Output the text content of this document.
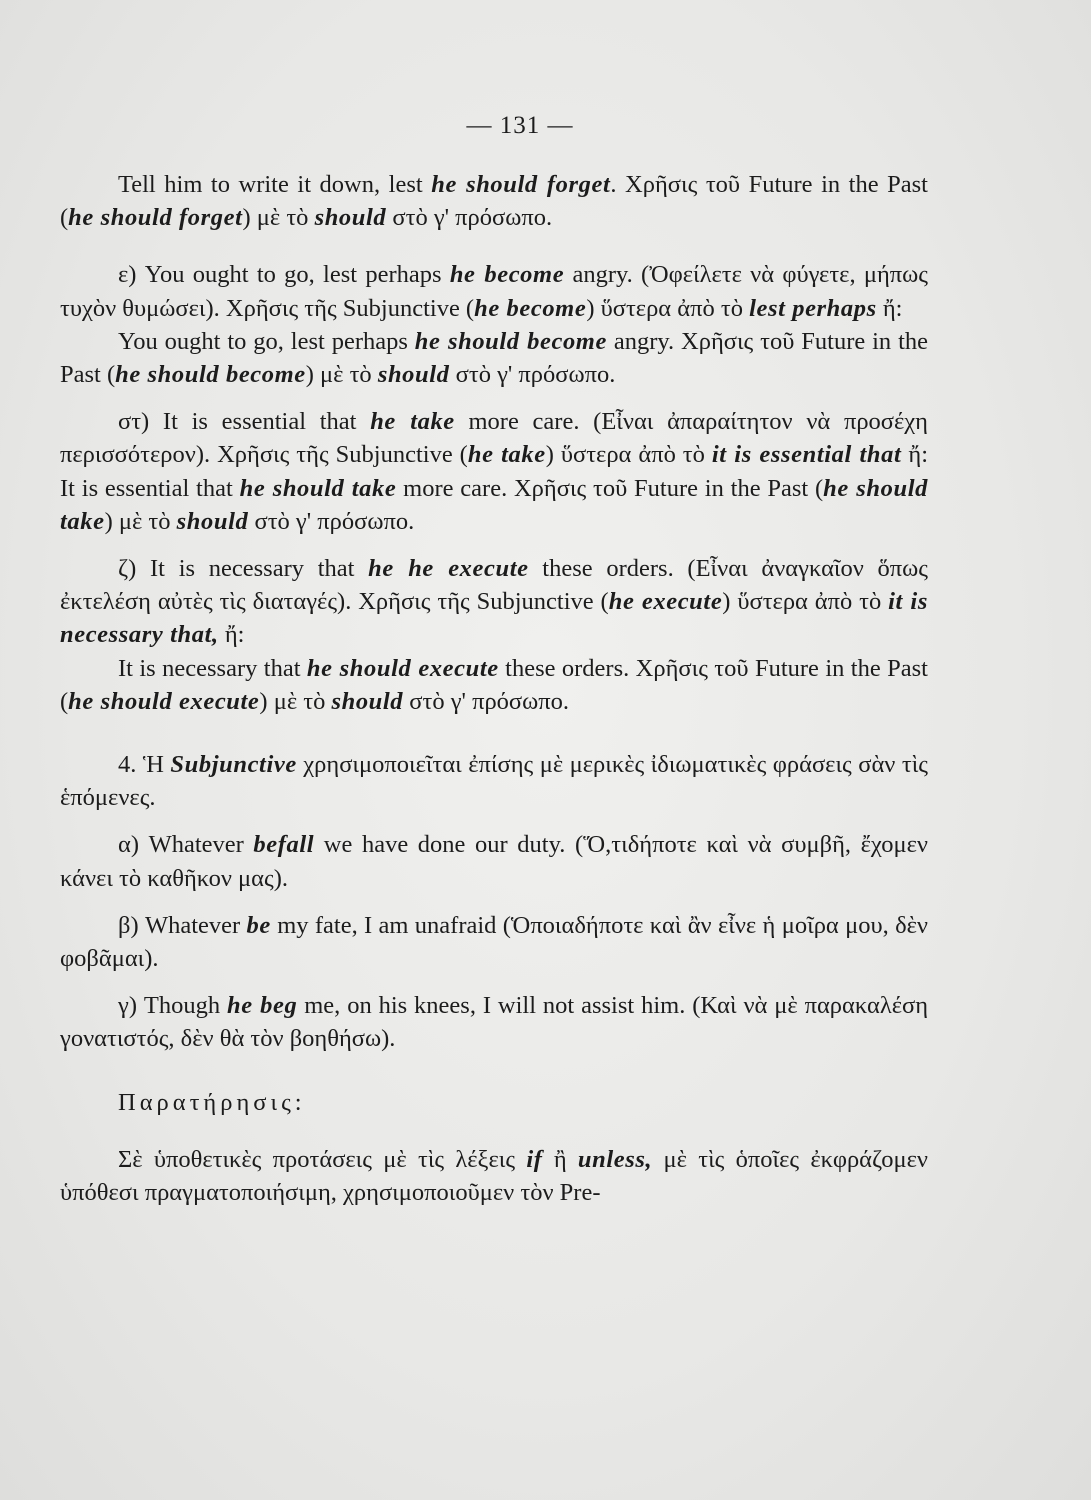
— 131 —

Tell him to write it down, lest he should forget. Χρῆσις τοῦ Future in the Past (he should forget) μὲ τὸ should στὸ γ' πρόσωπο.

ε) You ought to go, lest perhaps he become angry. (Ὀφείλετε νὰ φύγετε, μήπως τυχὸν θυμώσει). Χρῆσις τῆς Subjunctive (he become) ὕστερα ἀπὸ τὸ lest perhaps ἤ:

You ought to go, lest perhaps he should become angry. Χρῆσις τοῦ Future in the Past (he should become) μὲ τὸ should στὸ γ' πρόσωπο.

στ) It is essential that he take more care. (Εἶναι ἀπαραίτητον νὰ προσέχη περισσότερον). Χρῆσις τῆς Subjunctive (he take) ὕστερα ἀπὸ τὸ it is essential that ἤ: It is essential that he should take more care. Χρῆσις τοῦ Future in the Past (he should take) μὲ τὸ should στὸ γ' πρόσωπο.

ζ) It is necessary that he he execute these orders. (Εἶναι ἀναγκαῖον ὅπως ἐκτελέση αὐτὲς τὶς διαταγές). Χρῆσις τῆς Subjunctive (he execute) ὕστερα ἀπὸ τὸ it is necessary that, ἤ:

It is necessary that he should execute these orders. Χρῆσις τοῦ Future in the Past (he should execute) μὲ τὸ should στὸ γ' πρόσωπο.

4. Ἡ Subjunctive χρησιμοποιεῖται ἐπίσης μὲ μερικὲς ἰδιωματικὲς φράσεις σὰν τὶς ἑπόμενες.

α) Whatever befall we have done our duty. (Ὅ,τιδήποτε καὶ νὰ συμβῆ, ἔχομεν κάνει τὸ καθῆκον μας).

β) Whatever be my fate, I am unafraid (Ὁποιαδήποτε καὶ ἂν εἶνε ἡ μοῖρα μου, δὲν φοβᾶμαι).

γ) Though he beg me, on his knees, I will not assist him. (Καὶ νὰ μὲ παρακαλέση γονατιστός, δὲν θὰ τὸν βοηθήσω).

Παρατήρησις:

Σὲ ὑποθετικὲς προτάσεις μὲ τὶς λέξεις if ἢ unless, μὲ τὶς ὁποῖες ἐκφράζομεν ὑπόθεσι πραγματοποιήσιμη, χρησιμοποιοῦμεν τὸν Pre-
